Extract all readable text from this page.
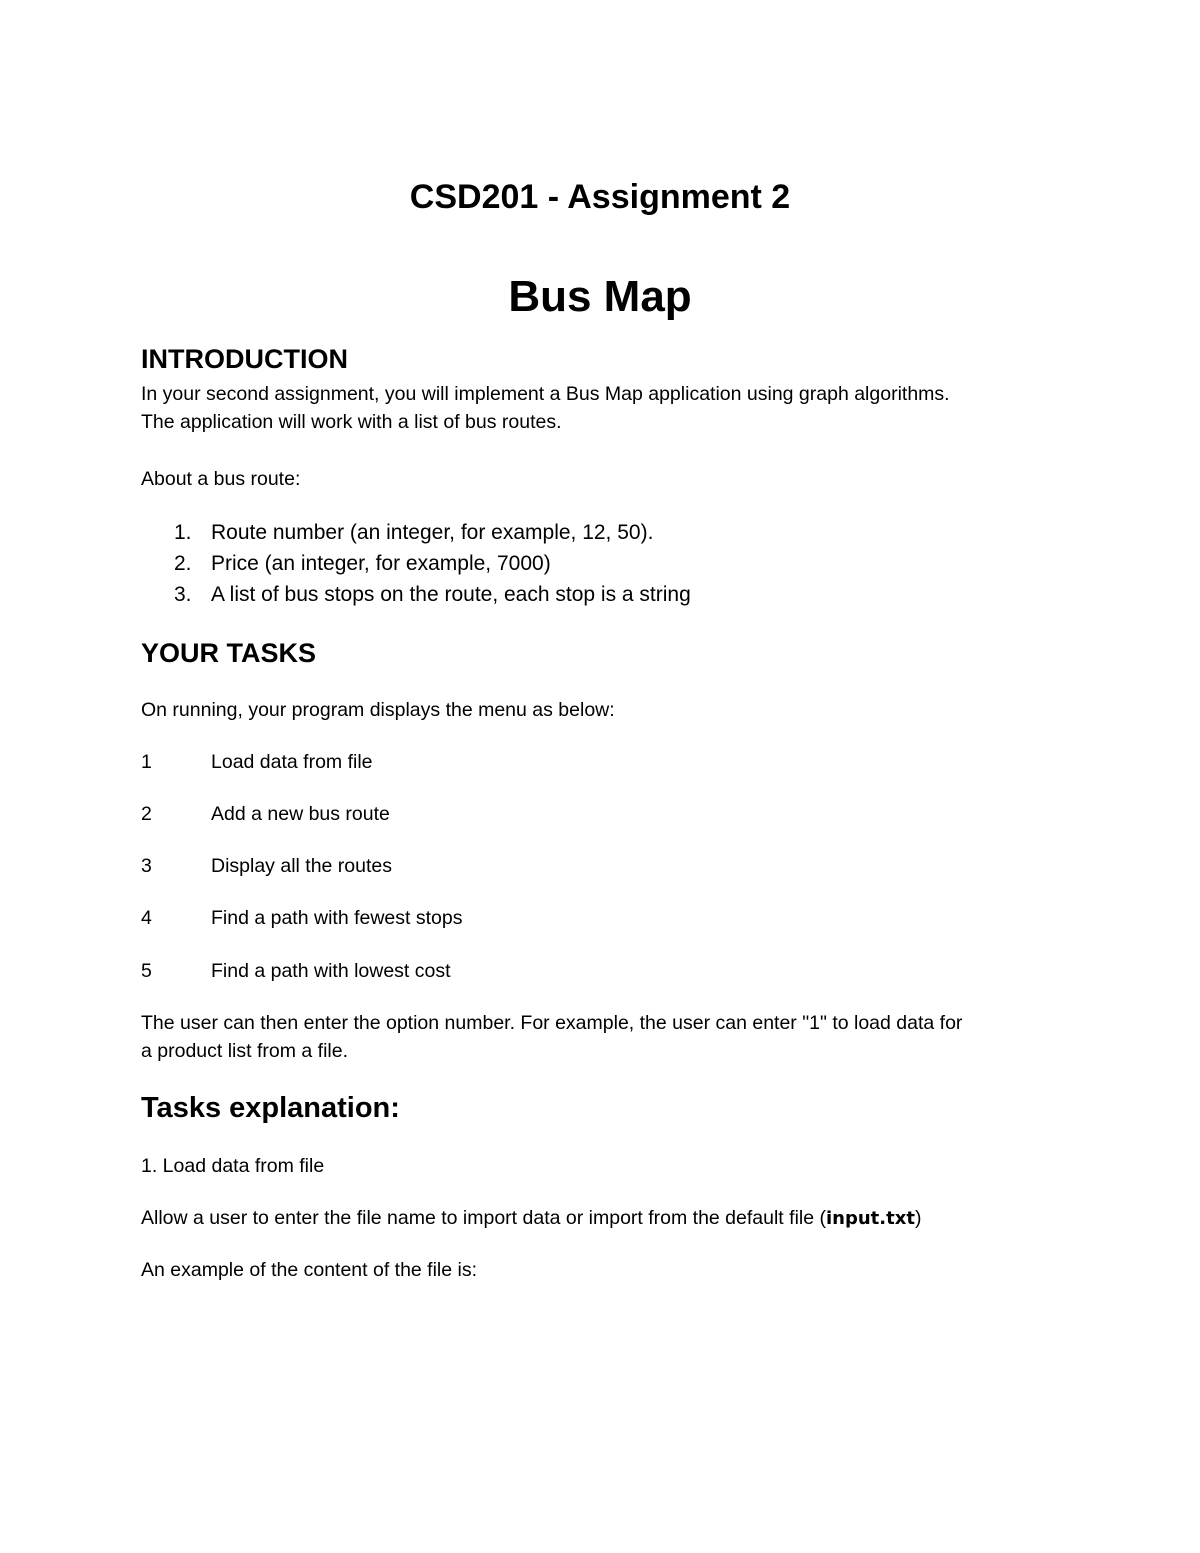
CSD201 - Assignment 2
Bus Map
INTRODUCTION

In your second assignment, you will implement a Bus Map application using graph algorithms.

The application will work with a list of bus routes.

About a bus route:

1. Route number (an integer, for example, 12, 50).
2. Price (an integer, for example, 7000)
3. A list of bus stops on the route, each stop is a string
YOUR TASKS

On running, your program displays the menu as below:

1	Load data from file
2	Add a new bus route
3	Display all the routes
4	Find a path with fewest stops
5	Find a path with lowest cost

The user can then enter the option number. For example, the user can enter "1" to load data for

a product list from a file.

Tasks explanation:

1. Load data from file

Allow a user to enter the file name to import data or import from the default file (input.txt)

An example of the content of the file is:
